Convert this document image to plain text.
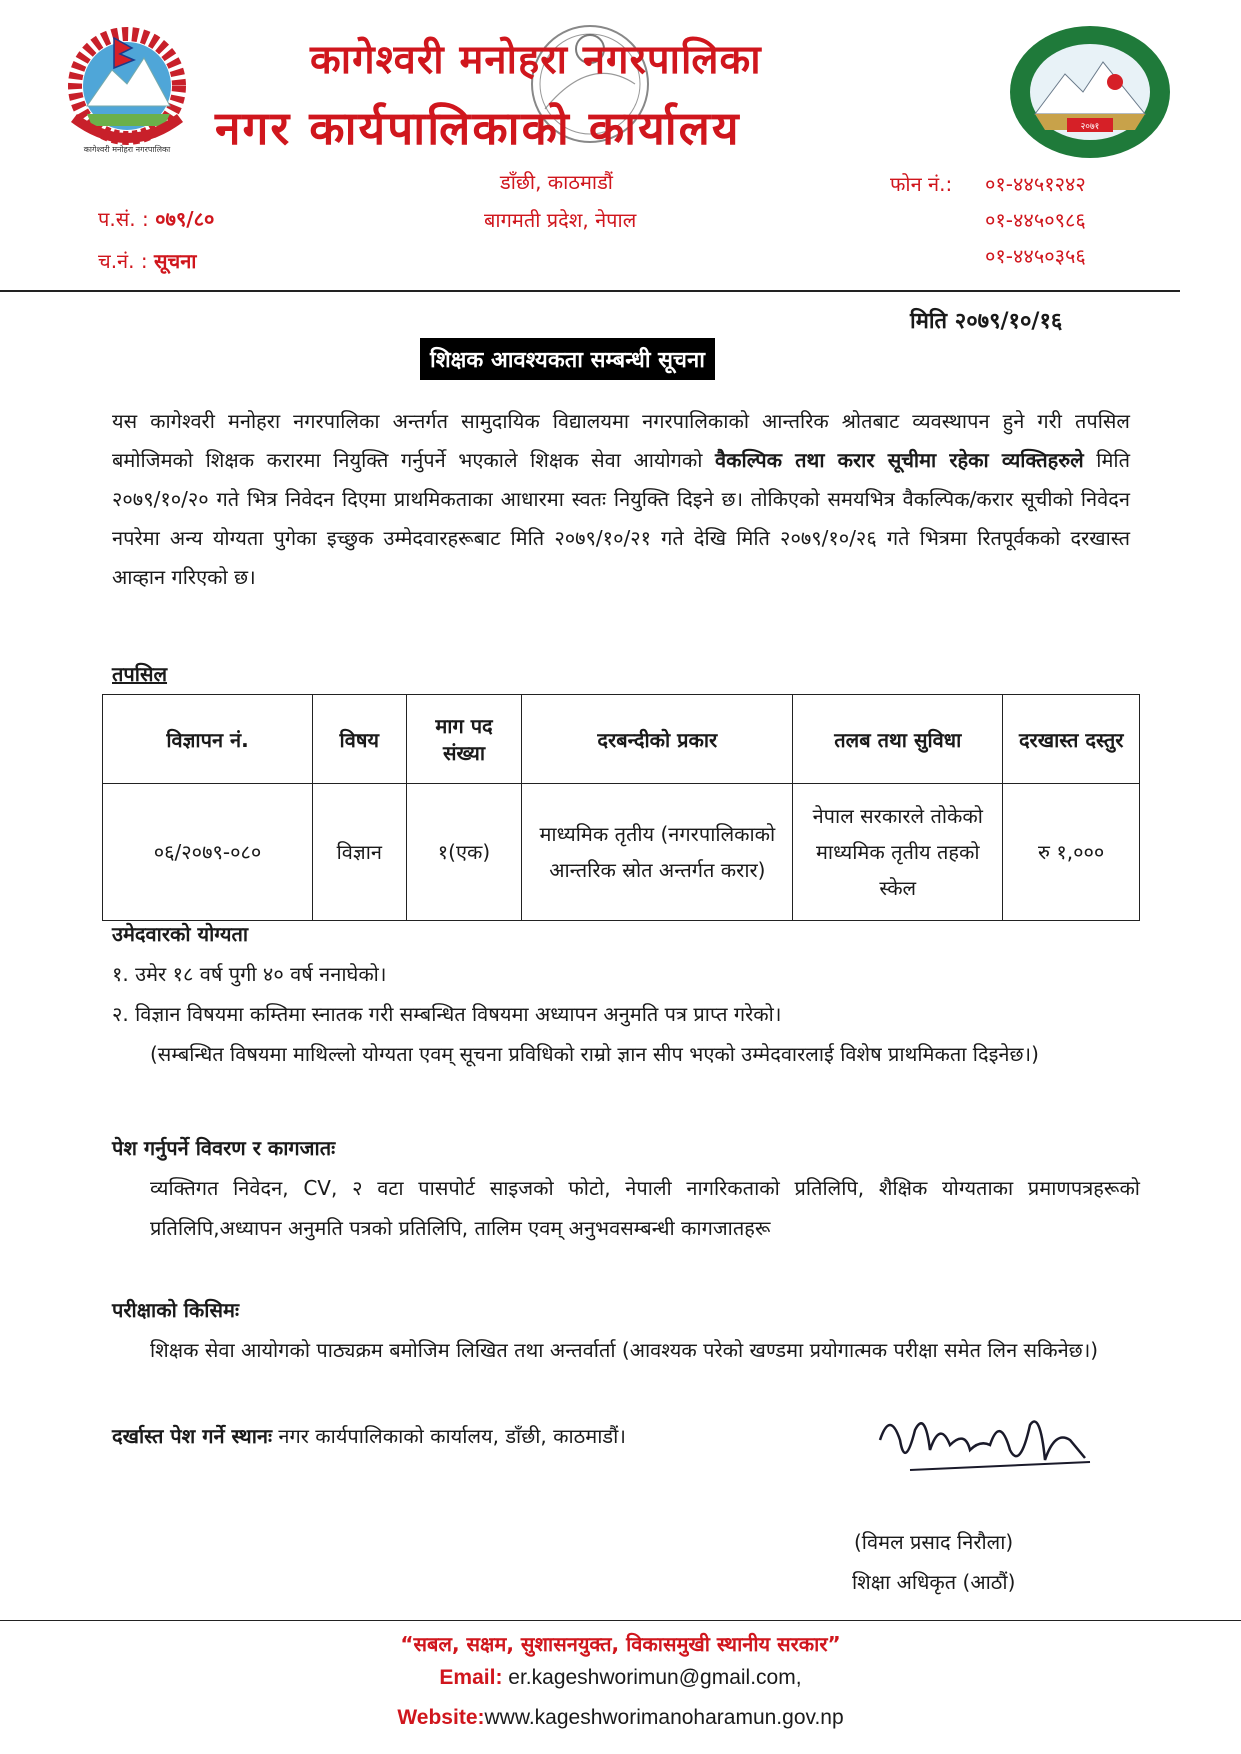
कागेश्वरी मनोहरा नगरपालिका
२०७१
कागेश्वरी मनोहरा नगरपालिका
नगर कार्यपालिकाको कार्यालय
डाँछी, काठमाडौं
बागमती प्रदेश, नेपाल
फोन नं.: ०१-४४५१२४२
०१-४४५०९८६
०१-४४५०३५६
प.सं. : ०७९/८०
च.नं. : सूचना
मिति २०७९/१०/१६
शिक्षक आवश्यकता सम्बन्धी सूचना
यस कागेश्वरी मनोहरा नगरपालिका अन्तर्गत सामुदायिक विद्यालयमा नगरपालिकाको आन्तरिक श्रोतबाट व्यवस्थापन हुने गरी तपसिल बमोजिमको शिक्षक करारमा नियुक्ति गर्नुपर्ने भएकाले शिक्षक सेवा आयोगको वैकल्पिक तथा करार सूचीमा रहेका व्यक्तिहरुले मिति २०७९/१०/२० गते भित्र निवेदन दिएमा प्राथमिकताका आधारमा स्वतः नियुक्ति दिइने छ। तोकिएको समयभित्र वैकल्पिक/करार सूचीको निवेदन नपरेमा अन्य योग्यता पुगेका इच्छुक उम्मेदवारहरूबाट मिति २०७९/१०/२१ गते देखि मिति २०७९/१०/२६ गते भित्रमा रितपूर्वकको दरखास्त आव्हान गरिएको छ।
तपसिल
विज्ञापन नं.	विषय	माग पद संख्या	दरबन्दीको प्रकार	तलब तथा सुविधा	दरखास्त दस्तुर
०६/२०७९-०८०	विज्ञान	१(एक)	माध्यमिक तृतीय (नगरपालिकाको आन्तरिक स्रोत अन्तर्गत करार)	नेपाल सरकारले तोकेको माध्यमिक तृतीय तहको स्केल	रु १,०००
उमेदवारको योग्यता
१. उमेर १८ वर्ष पुगी ४० वर्ष ननाघेको।
२. विज्ञान विषयमा कम्तिमा स्नातक गरी सम्बन्धित विषयमा अध्यापन अनुमति पत्र प्राप्त गरेको।
(सम्बन्धित विषयमा माथिल्लो योग्यता एवम् सूचना प्रविधिको राम्रो ज्ञान सीप भएको उम्मेदवारलाई विशेष प्राथमिकता दिइनेछ।)
पेश गर्नुपर्ने विवरण र कागजातः
व्यक्तिगत निवेदन, CV, २ वटा पासपोर्ट साइजको फोटो, नेपाली नागरिकताको प्रतिलिपि, शैक्षिक योग्यताका प्रमाणपत्रहरूको प्रतिलिपि,अध्यापन अनुमति पत्रको प्रतिलिपि, तालिम एवम् अनुभवसम्बन्धी कागजातहरू
परीक्षाको किसिमः
शिक्षक सेवा आयोगको पाठ्यक्रम बमोजिम लिखित तथा अन्तर्वार्ता (आवश्यक परेको खण्डमा प्रयोगात्मक परीक्षा समेत लिन सकिनेछ।)
दर्खास्त पेश गर्ने स्थानः नगर कार्यपालिकाको कार्यालय, डाँछी, काठमाडौं।
(विमल प्रसाद निरौला)
शिक्षा अधिकृत (आठौं)
“सबल, सक्षम, सुशासनयुक्त, विकासमुखी स्थानीय सरकार”
Email: er.kageshworimun@gmail.com,
Website:www.kageshworimanoharamun.gov.np
